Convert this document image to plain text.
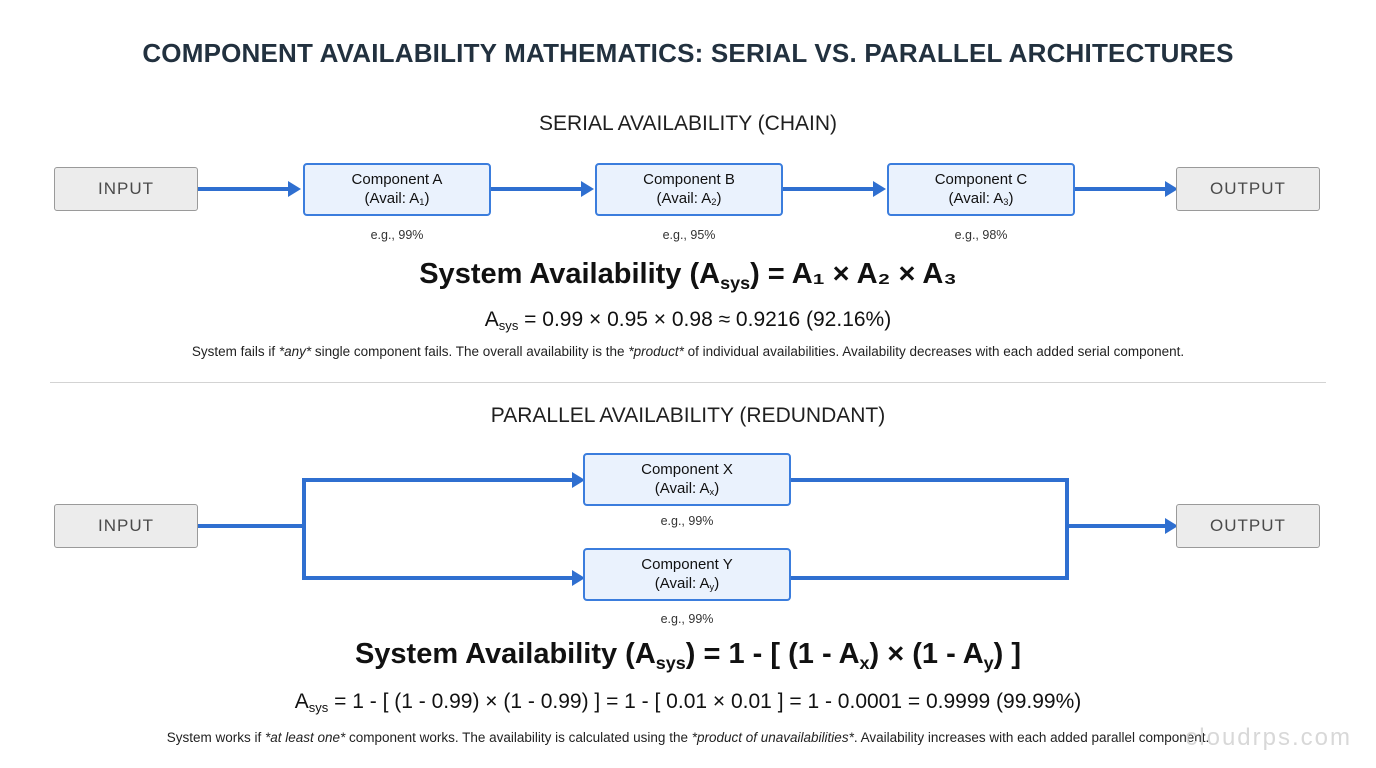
COMPONENT AVAILABILITY MATHEMATICS: SERIAL VS. PARALLEL ARCHITECTURES
SERIAL AVAILABILITY (CHAIN)
INPUT	Component A
(Avail: $A_1$)
e.g., 99%
Component B
(Avail: $A_2$)
e.g., 95%
Component C
(Avail: $A_3$)
e.g., 98%
OUTPUT
System Availability $(A_{sys}) = A_1 \times A_2 \times A_3$
$A_{sys} = 0.99 \times 0.95 \times 0.98 \approx 0.9216$ (92.16%)
System fails if *any* single component fails. The overall availability is the *product* of individual availabilities. Availability decreases with each added serial component.
PARALLEL AVAILABILITY (REDUNDANT)
INPUT
Component X
(Avail: $A_x$)
e.g., 99%
Component Y
(Avail: $A_y$)
e.g., 99%
OUTPUT
System Availability $(A_{sys}) = 1$ - [ $(1 - A_x) \times (1 - A_y)$ ]
$A_{sys} = 1$ - [ (1 - 0.99) × (1 - 0.99) ] = 1 - [ 0.01 × 0.01 ] = 1 - 0.0001 = 0.9999 (99.99%)
System works if *at least one* component works. The availability is calculated using the *product of unavailabilities*. Availability increases with each added parallel component.
cloudrps.com
